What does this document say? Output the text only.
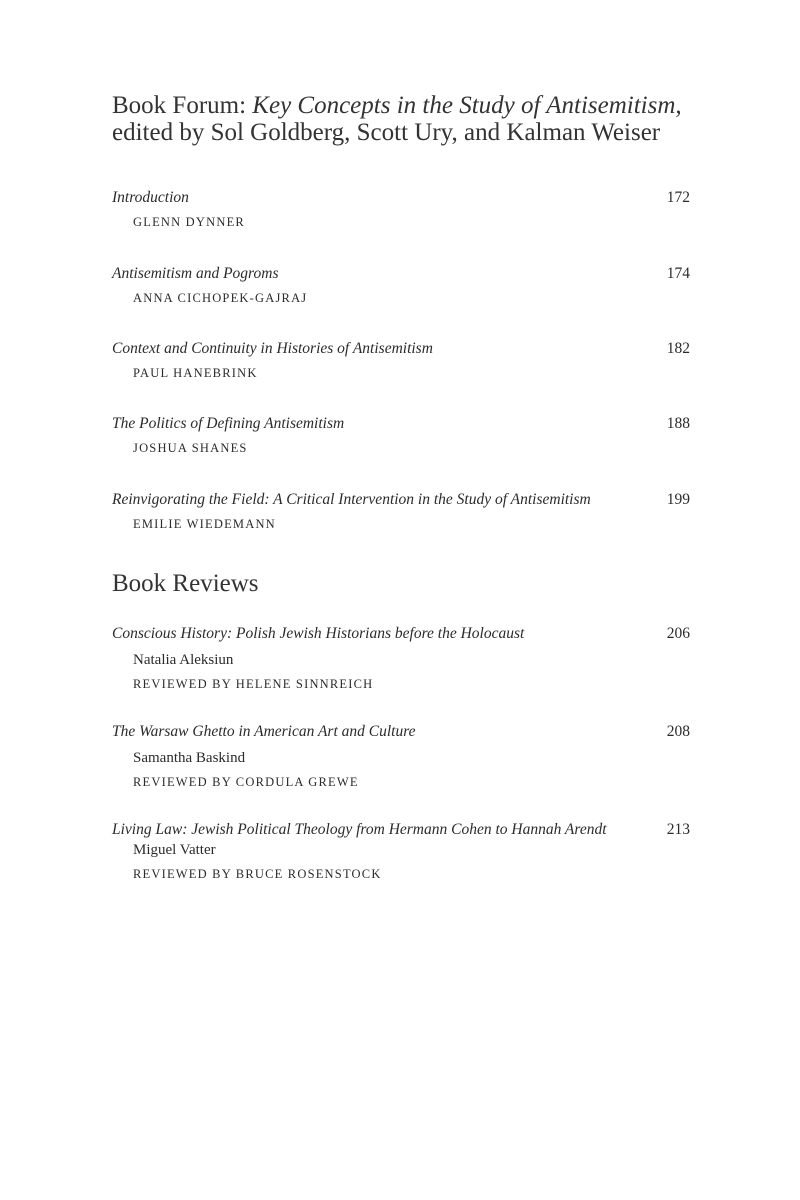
Book Forum: Key Concepts in the Study of Antisemitism,
edited by Sol Goldberg, Scott Ury, and Kalman Weiser
Introduction	172
GLENN DYNNER
Antisemitism and Pogroms	174
ANNA CICHOPEK-GAJRAJ
Context and Continuity in Histories of Antisemitism	182
PAUL HANEBRINK
The Politics of Defining Antisemitism	188
JOSHUA SHANES
Reinvigorating the Field: A Critical Intervention in the Study of Antisemitism	199
EMILIE WIEDEMANN
Book Reviews
Conscious History: Polish Jewish Historians before the Holocaust	206
Natalia Aleksiun
REVIEWED BY HELENE SINNREICH
The Warsaw Ghetto in American Art and Culture	208
Samantha Baskind
REVIEWED BY CORDULA GREWE
Living Law: Jewish Political Theology from Hermann Cohen to Hannah Arendt	213
Miguel Vatter
REVIEWED BY BRUCE ROSENSTOCK
